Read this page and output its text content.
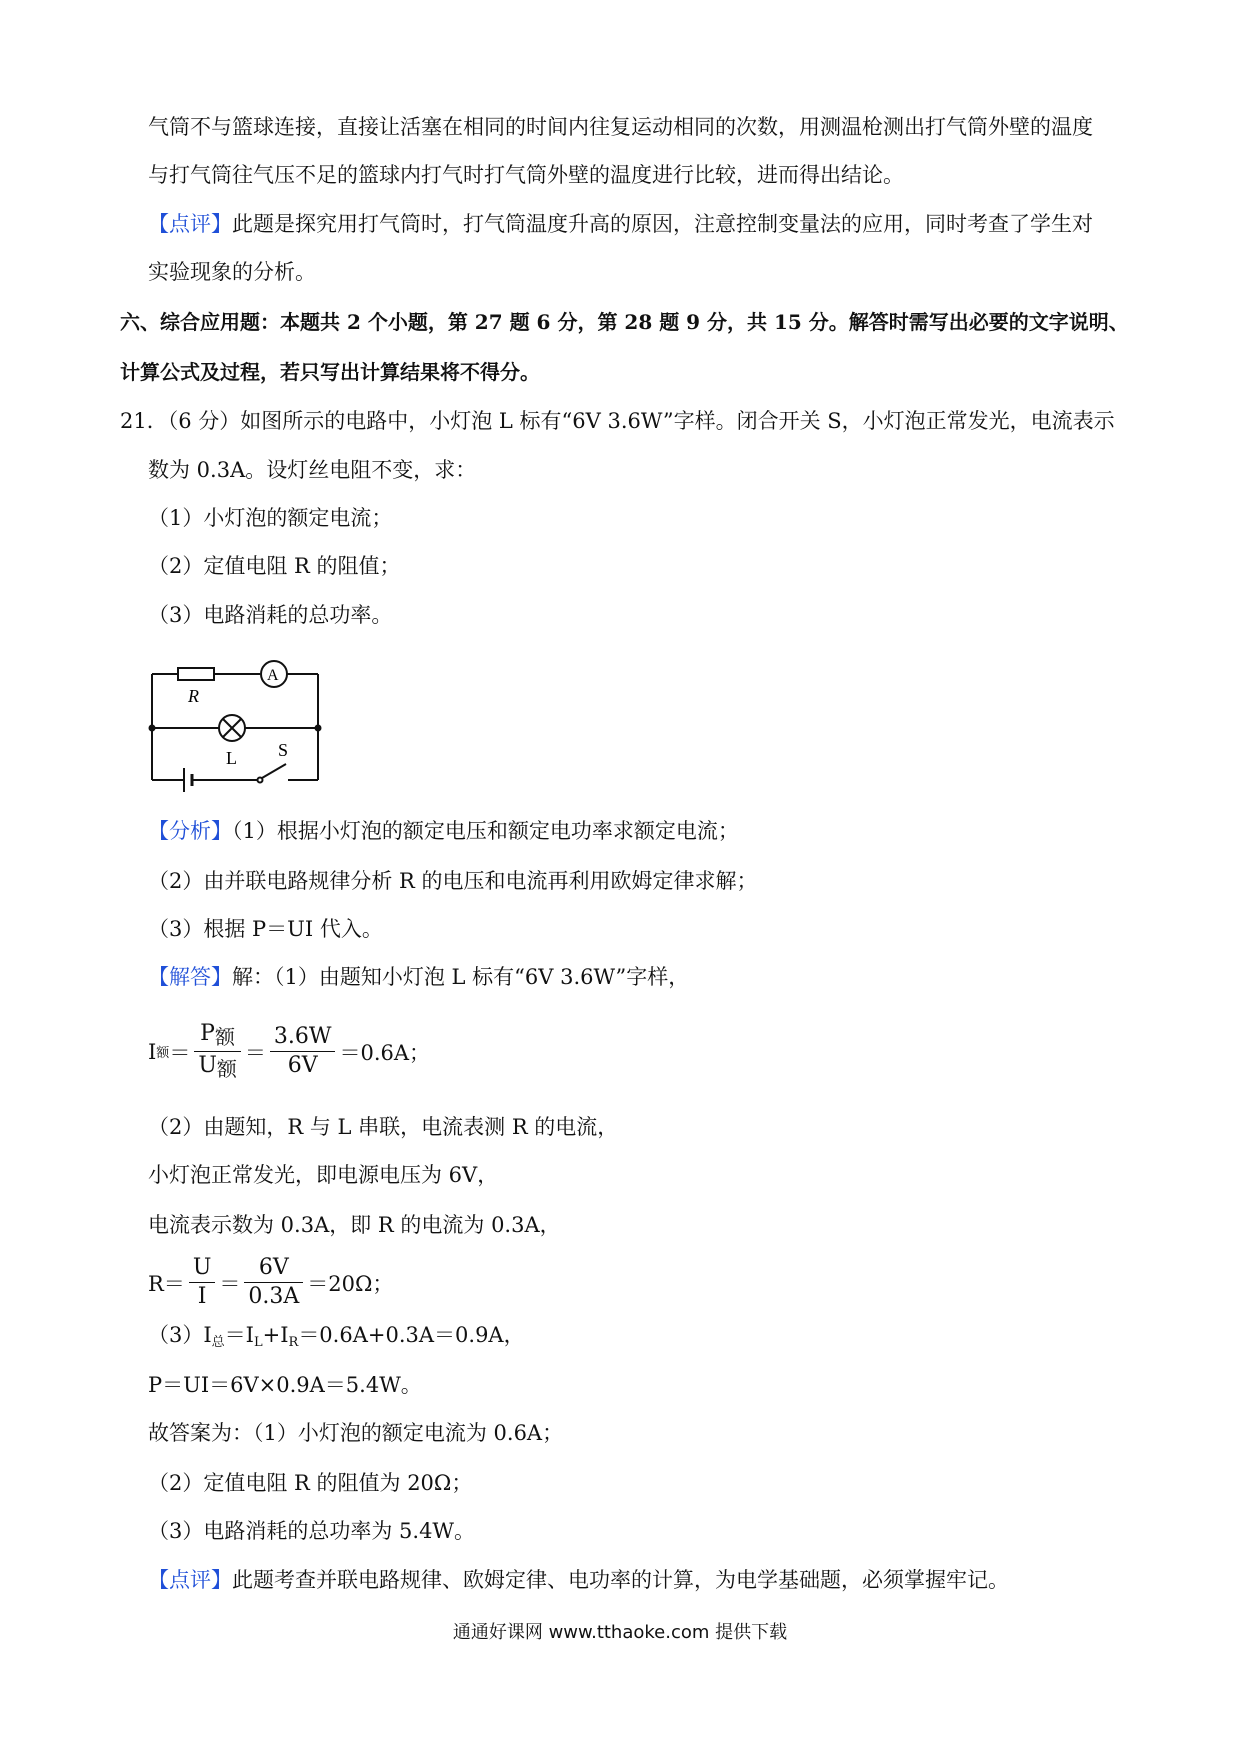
气筒不与篮球连接，直接让活塞在相同的时间内往复运动相同的次数，用测温枪测出打气筒外壁的温度
与打气筒往气压不足的篮球内打气时打气筒外壁的温度进行比较，进而得出结论。
【点评】此题是探究用打气筒时，打气筒温度升高的原因，注意控制变量法的应用，同时考查了学生对
实验现象的分析。
六、综合应用题：本题共 2 个小题，第 27 题 6 分，第 28 题 9 分，共 15 分。解答时需写出必要的文字说明、
计算公式及过程，若只写出计算结果将不得分。
21．（6 分）如图所示的电路中，小灯泡 L 标有“6V 3.6W”字样。闭合开关 S，小灯泡正常发光，电流表示
数为 0.3A。设灯丝电阻不变，求：
（1）小灯泡的额定电流；
（2）定值电阻 R 的阻值；
（3）电路消耗的总功率。
R
A
L S
【分析】（1）根据小灯泡的额定电压和额定电功率求额定电流；
（2）由并联电路规律分析 R 的电压和电流再利用欧姆定律求解；
（3）根据 P＝UI 代入。
【解答】解：（1）由题知小灯泡 L 标有“6V 3.6W”字样，
I 额 ＝ $\frac{\text{P额}}{\text{U额}} = \frac{3.6W}{6V} =0.6A$；
（2）由题知，R 与 L 串联，电流表测 R 的电流，
小灯泡正常发光，即电源电压为 6V，
电流表示数为 0.3A，即 R 的电流为 0.3A，
$R= \frac{U}{I} = \frac{6V}{0.3A} =20\Omega$；
$(3)I_总=I_L+I_R=0.6A+0.3A=0.9A$，
P＝UI＝6V×0.9A＝5.4W。
故答案为：（1）小灯泡的额定电流为 0.6A；
（2）定值电阻 R 的阻值为 20Ω；
（3）电路消耗的总功率为 5.4W。
【点评】此题考查并联电路规律、欧姆定律、电功率的计算，为电学基础题，必须掌握牢记。
通通好课网 www.tthaoke.com 提供下载
